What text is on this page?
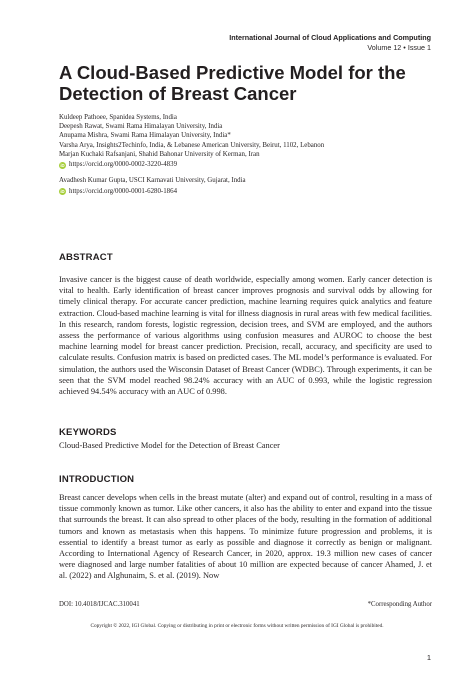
International Journal of Cloud Applications and Computing
Volume 12 • Issue 1
A Cloud-Based Predictive Model for the Detection of Breast Cancer
Kuldeep Pathoee, Spanidea Systems, India
Deepesh Rawat, Swami Rama Himalayan University, India
Anupama Mishra, Swami Rama Himalayan University, India*
Varsha Arya, Insights2Techinfo, India, & Lebanese American University, Beirut, 1102, Lebanon
Marjan Kuchaki Rafsanjani, Shahid Bahonar University of Kerman, Iran
iD https://orcid.org/0000-0002-3220-4839
Avadhesh Kumar Gupta, USCI Karnavati University, Gujarat, India
iD https://orcid.org/0000-0001-6280-1864
ABSTRACT

Invasive cancer is the biggest cause of death worldwide, especially among women. Early cancer detection is vital to health. Early identification of breast cancer improves prognosis and survival odds by allowing for timely clinical therapy. For accurate cancer prediction, machine learning requires quick analytics and feature extraction. Cloud-based machine learning is vital for illness diagnosis in rural areas with few medical facilities. In this research, random forests, logistic regression, decision trees, and SVM are employed, and the authors assess the performance of various algorithms using confusion measures and AUROC to choose the best machine learning model for breast cancer prediction. Precision, recall, accuracy, and specificity are used to calculate results. Confusion matrix is based on predicted cases. The ML model’s performance is evaluated. For simulation, the authors used the Wisconsin Dataset of Breast Cancer (WDBC). Through experiments, it can be seen that the SVM model reached 98.24% accuracy with an AUC of 0.993, while the logistic regression achieved 94.54% accuracy with an AUC of 0.998.

KEYWORDS

Cloud-Based Predictive Model for the Detection of Breast Cancer

INTRODUCTION

Breast cancer develops when cells in the breast mutate (alter) and expand out of control, resulting in a mass of tissue commonly known as tumor. Like other cancers, it also has the ability to enter and expand into the tissue that surrounds the breast. It can also spread to other places of the body, resulting in the formation of additional tumors and known as metastasis when this happens. To minimize future progression and problems, it is essential to identify a breast tumor as early as possible and diagnose it correctly as benign or malignant. According to International Agency of Research Cancer, in 2020, approx. 19.3 million new cases of cancer were diagnosed and large number fatalities of about 10 million are expected because of cancer Ahamed, J. et al. (2022) and Alghunaim, S. et al. (2019). Now

DOI: 10.4018/IJCAC.310041	*Corresponding Author
Copyright © 2022, IGI Global. Copying or distributing in print or electronic forms without written permission of IGI Global is prohibited.
1
